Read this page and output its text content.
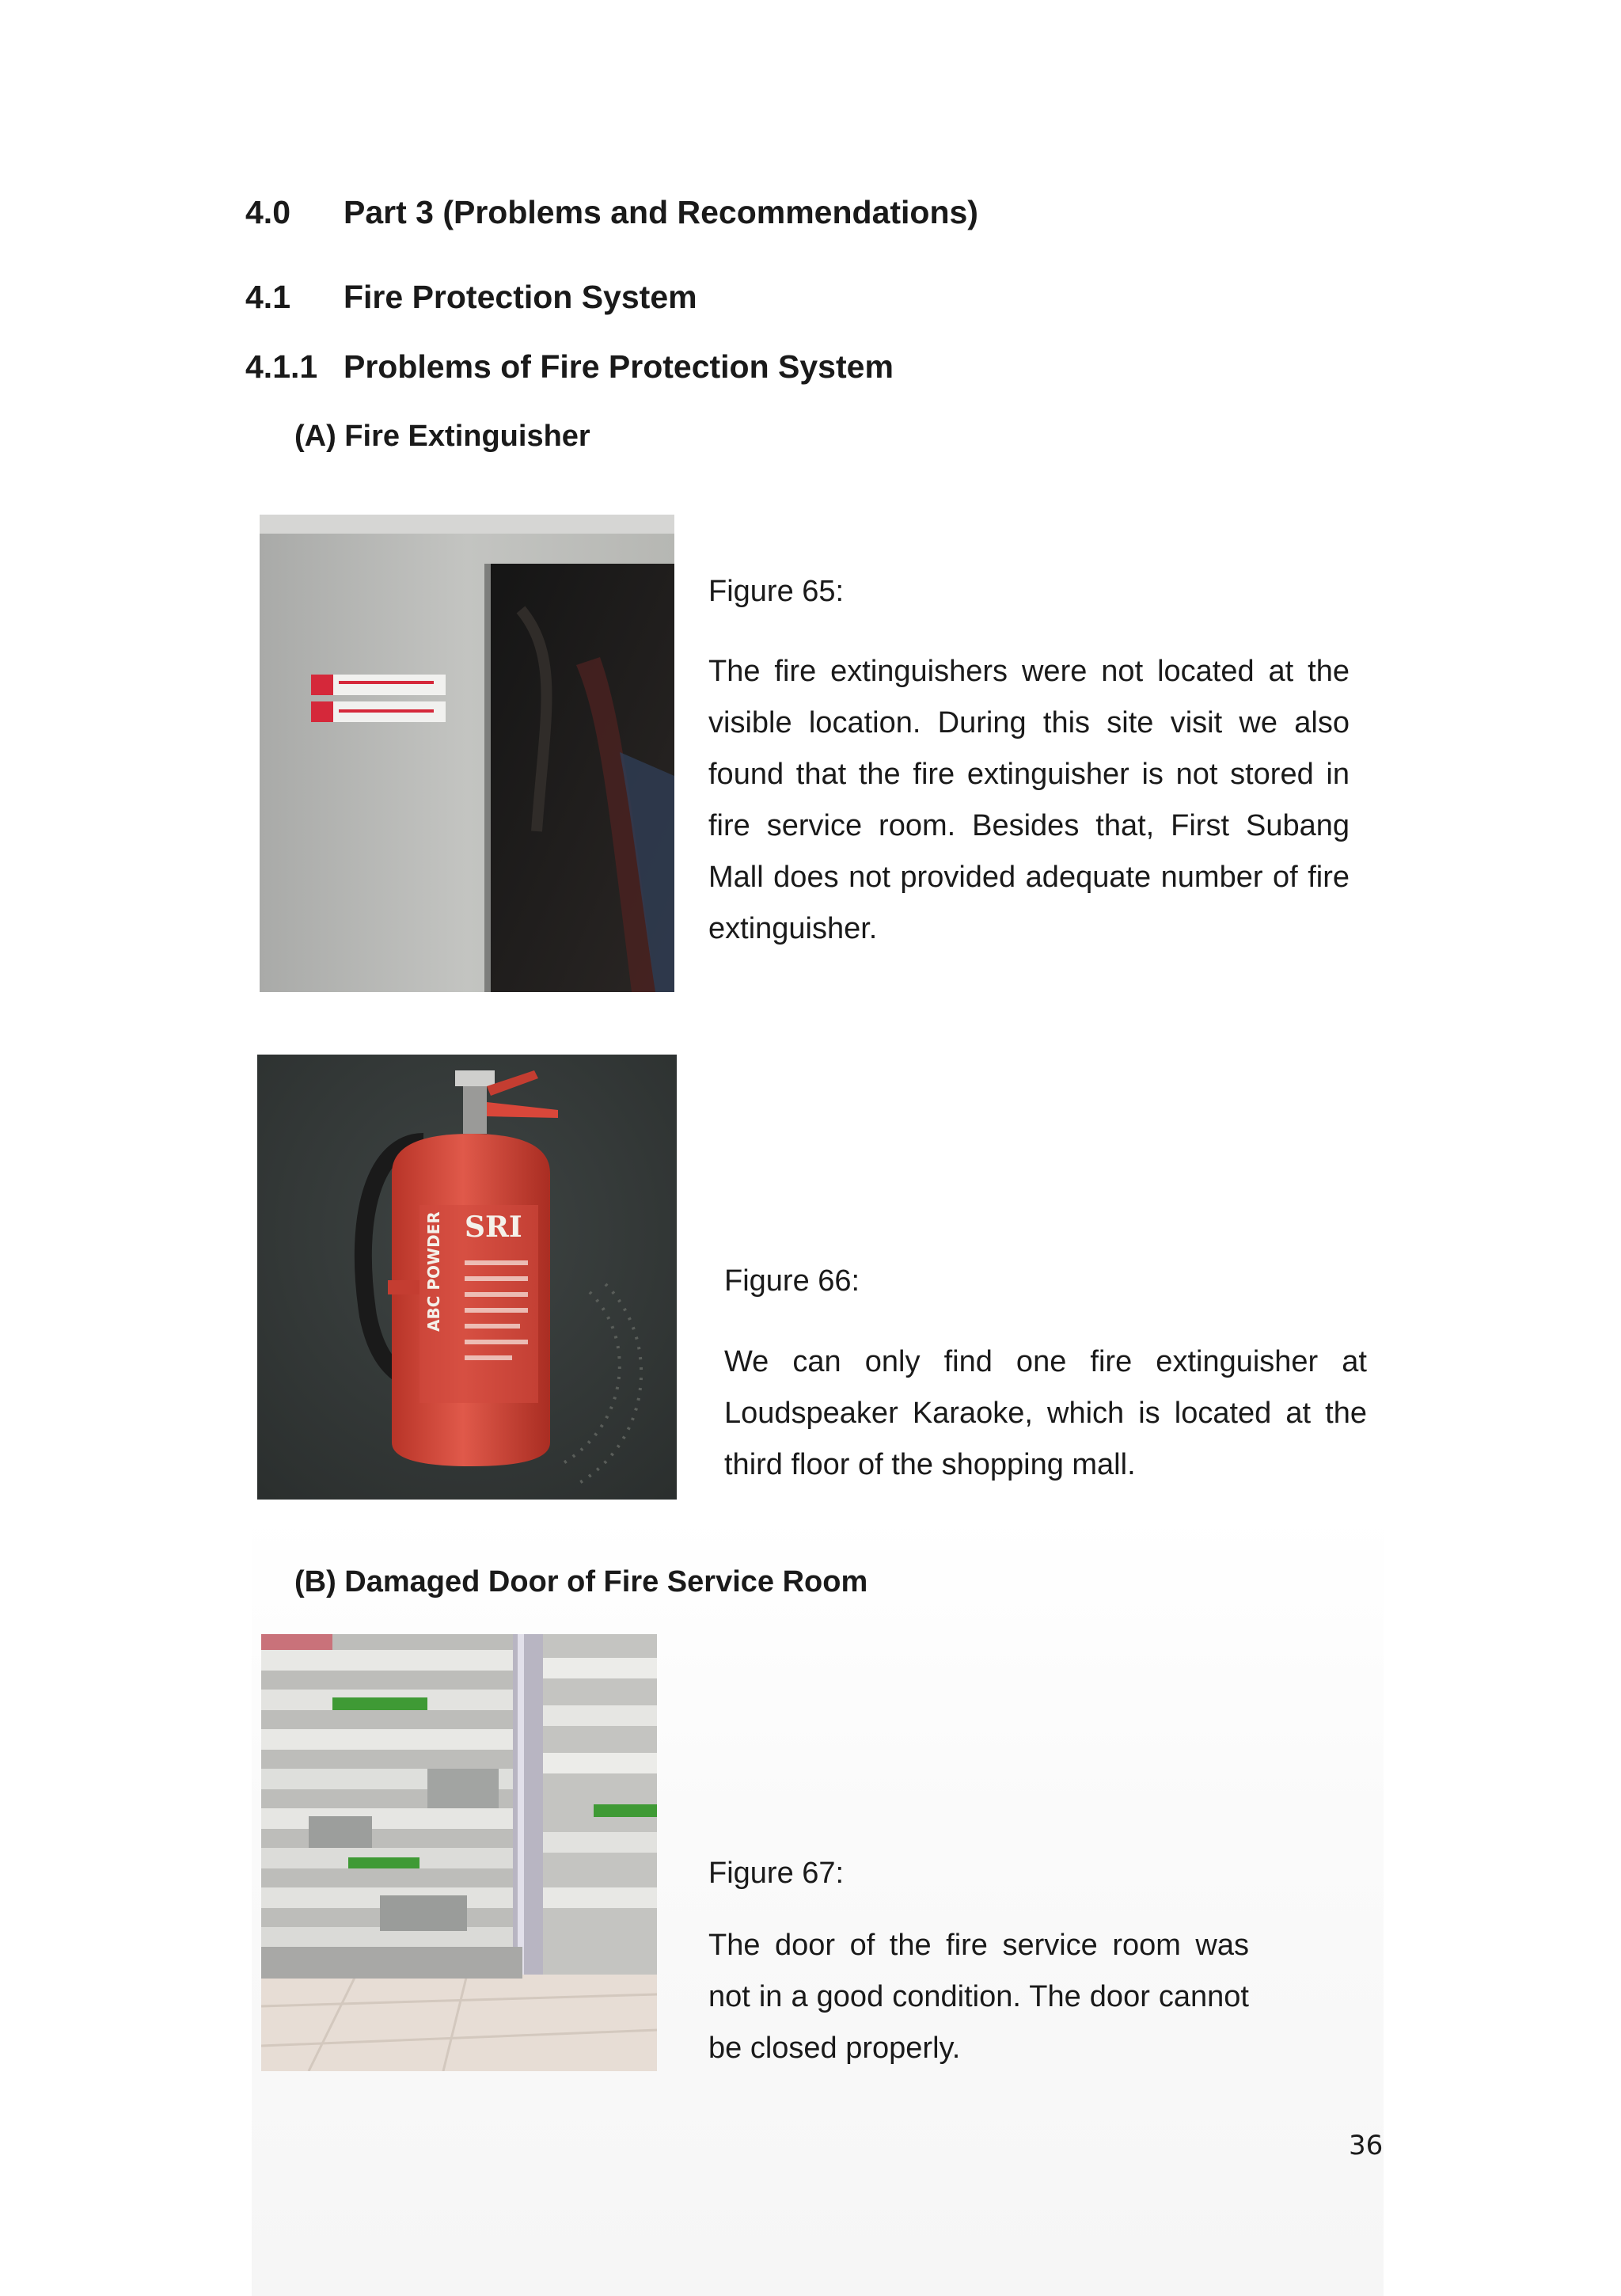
4.0 Part 3 (Problems and Recommendations)
4.1 Fire Protection System
4.1.1 Problems of Fire Protection System
(A) Fire Extinguisher
Figure 65:
The fire extinguishers were not located at the
visible location. During this site visit we also
found that the fire extinguisher is not stored in
fire service room. Besides that, First Subang
Mall does not provided adequate number of fire
extinguisher.
SRI
ABC POWDER	Figure 66:
We can only find one fire extinguisher at
Loudspeaker Karaoke, which is located at the
third floor of the shopping mall.
(B) Damaged Door of Fire Service Room
Figure 67:
The door of the fire service room was
not in a good condition. The door cannot
be closed properly.
36
